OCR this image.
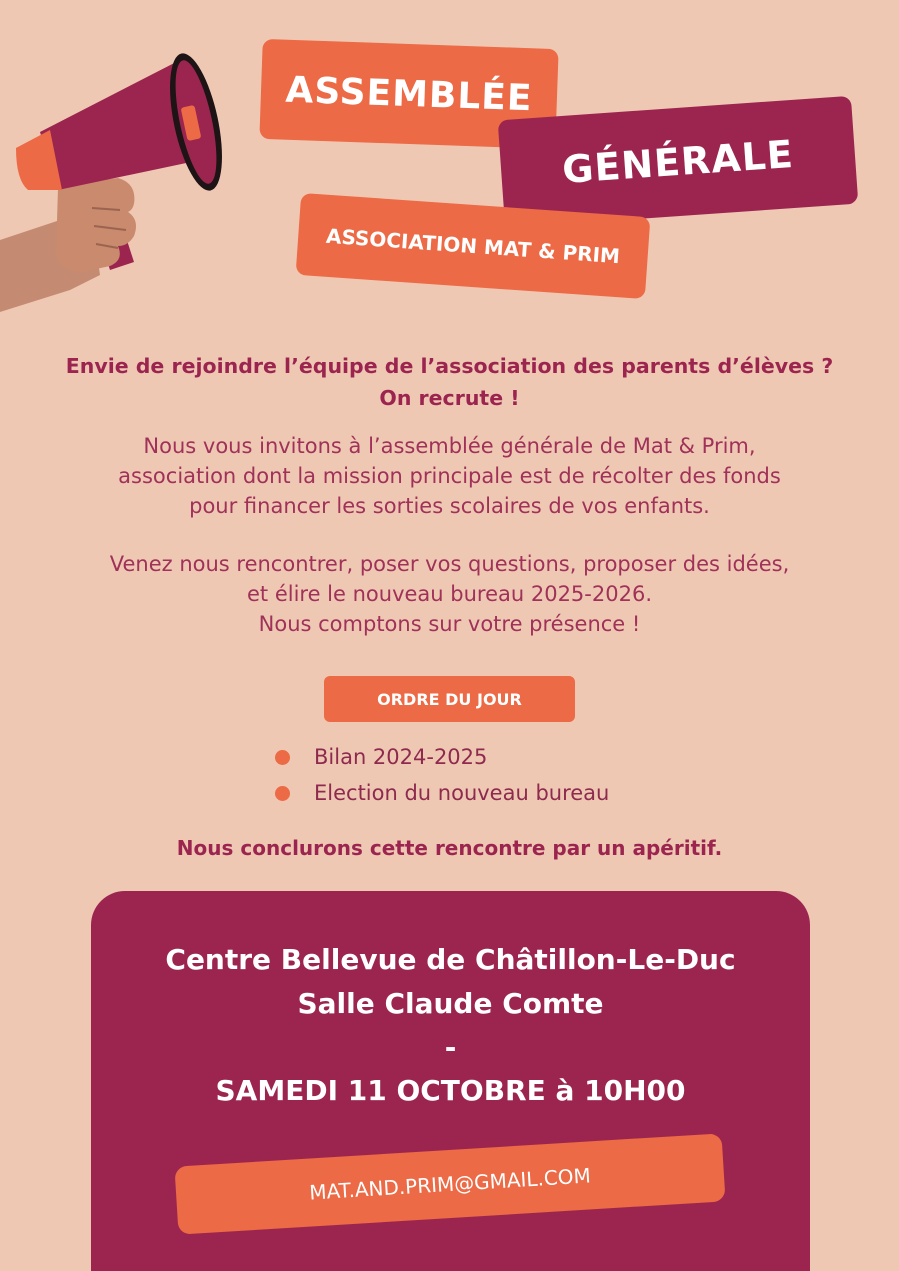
ASSEMBLÉE
GÉNÉRALE
ASSOCIATION MAT & PRIM
Envie de rejoindre l’équipe de l’association des parents d’élèves ?
On recrute !
Nous vous invitons à l’assemblée générale de Mat & Prim,
association dont la mission principale est de récolter des fonds
pour financer les sorties scolaires de vos enfants.
Venez nous rencontrer, poser vos questions, proposer des idées,
et élire le nouveau bureau 2025-2026.
Nous comptons sur votre présence !
ORDRE DU JOUR
Bilan 2024-2025
Election du nouveau bureau
Nous conclurons cette rencontre par un apéritif.
Centre Bellevue de Châtillon-Le-Duc
Salle Claude Comte
-
SAMEDI 11 OCTOBRE à 10H00
MAT.AND.PRIM@GMAIL.COM
